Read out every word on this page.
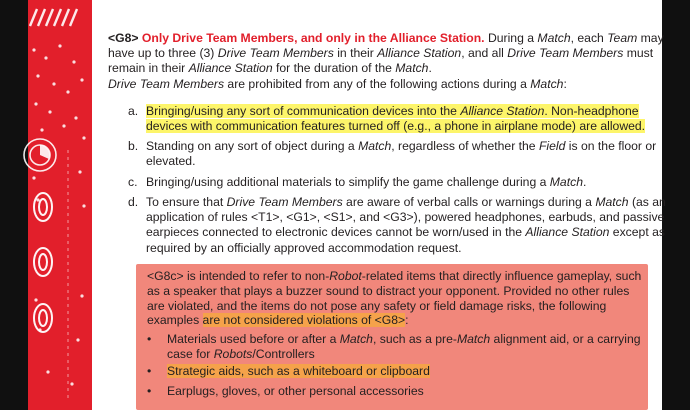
<G8> Only Drive Team Members, and only in the Alliance Station. During a Match, each Team may have up to three (3) Drive Team Members in their Alliance Station, and all Drive Team Members must remain in their Alliance Station for the duration of the Match.

Drive Team Members are prohibited from any of the following actions during a Match:

a. Bringing/using any sort of communication devices into the Alliance Station. Non-headphone devices with communication features turned off (e.g., a phone in airplane mode) are allowed.
b. Standing on any sort of object during a Match, regardless of whether the Field is on the floor or elevated.
c. Bringing/using additional materials to simplify the game challenge during a Match.
d. To ensure that Drive Team Members are aware of verbal calls or warnings during a Match (as an application of rules <T1>, <G1>, <S1>, and <G3>), powered headphones, earbuds, and passive earpieces connected to electronic devices cannot be worn/used in the Alliance Station except as required by an officially approved accommodation request.
<G8c> is intended to refer to non-Robot-related items that directly influence gameplay, such as a speaker that plays a buzzer sound to distract your opponent. Provided no other rules are violated, and the items do not pose any safety or field damage risks, the following examples are not considered violations of <G8>:
• Materials used before or after a Match, such as a pre-Match alignment aid, or a carrying case for Robots/Controllers
• Strategic aids, such as a whiteboard or clipboard
• Earplugs, gloves, or other personal accessories
